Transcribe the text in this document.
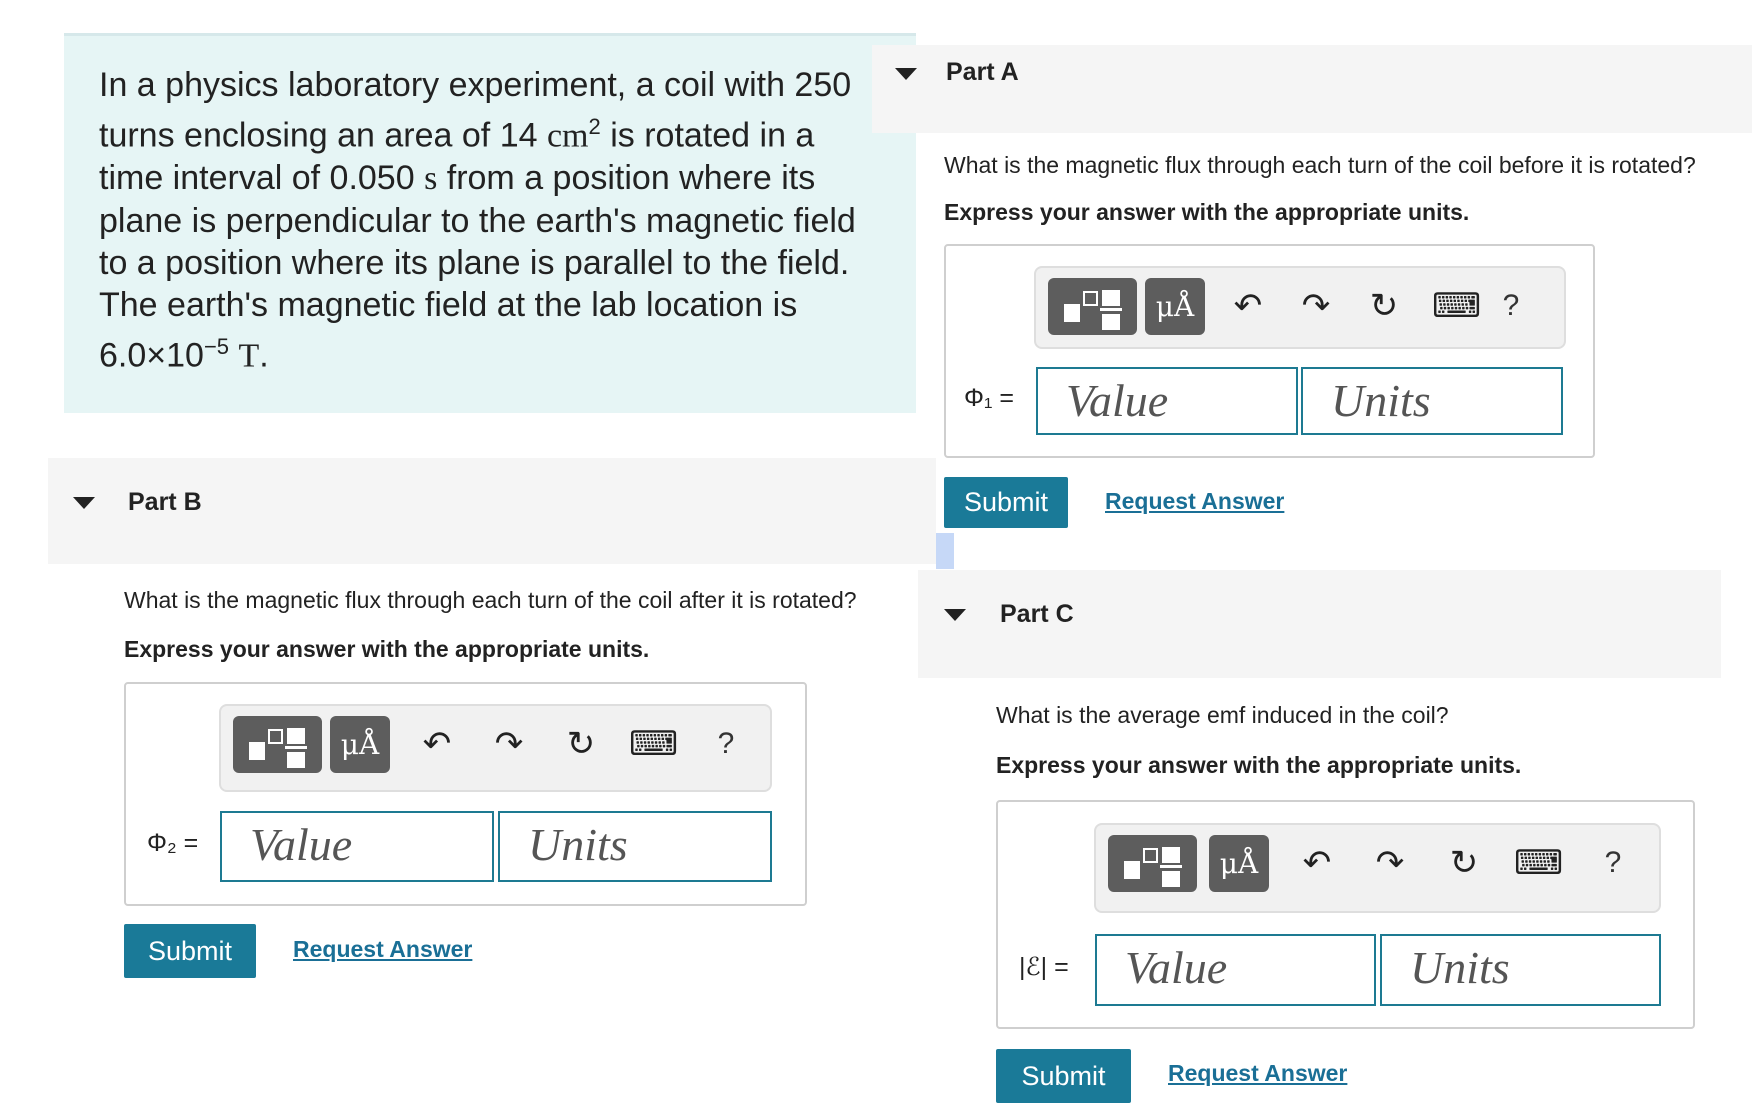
In a physics laboratory experiment, a coil with 250
turns enclosing an area of 14 $cm^2$ is rotated in a
time interval of 0.050 s from a position where its
plane is perpendicular to the earth's magnetic field
to a position where its plane is parallel to the field.
The earth's magnetic field at the lab location is
$6.0\times 10^{-5}$ T.
Part A
What is the magnetic flux through each turn of the coil before it is rotated?
Express your answer with the appropriate units.
μÅ	↶ ↷ ↻ ⌨ ?
Φ₁ =	Value	Units
Submit	Request Answer
Part B
What is the magnetic flux through each turn of the coil after it is rotated?
Express your answer with the appropriate units.
μÅ	↶ ↷ ↻ ⌨ ?
Φ₂ =	Value	Units
Submit	Request Answer
Part C
What is the average emf induced in the coil?
Express your answer with the appropriate units.
μÅ	↶ ↷ ↻ ⌨ ?
|ℰ| =	Value	Units
Submit	Request Answer
